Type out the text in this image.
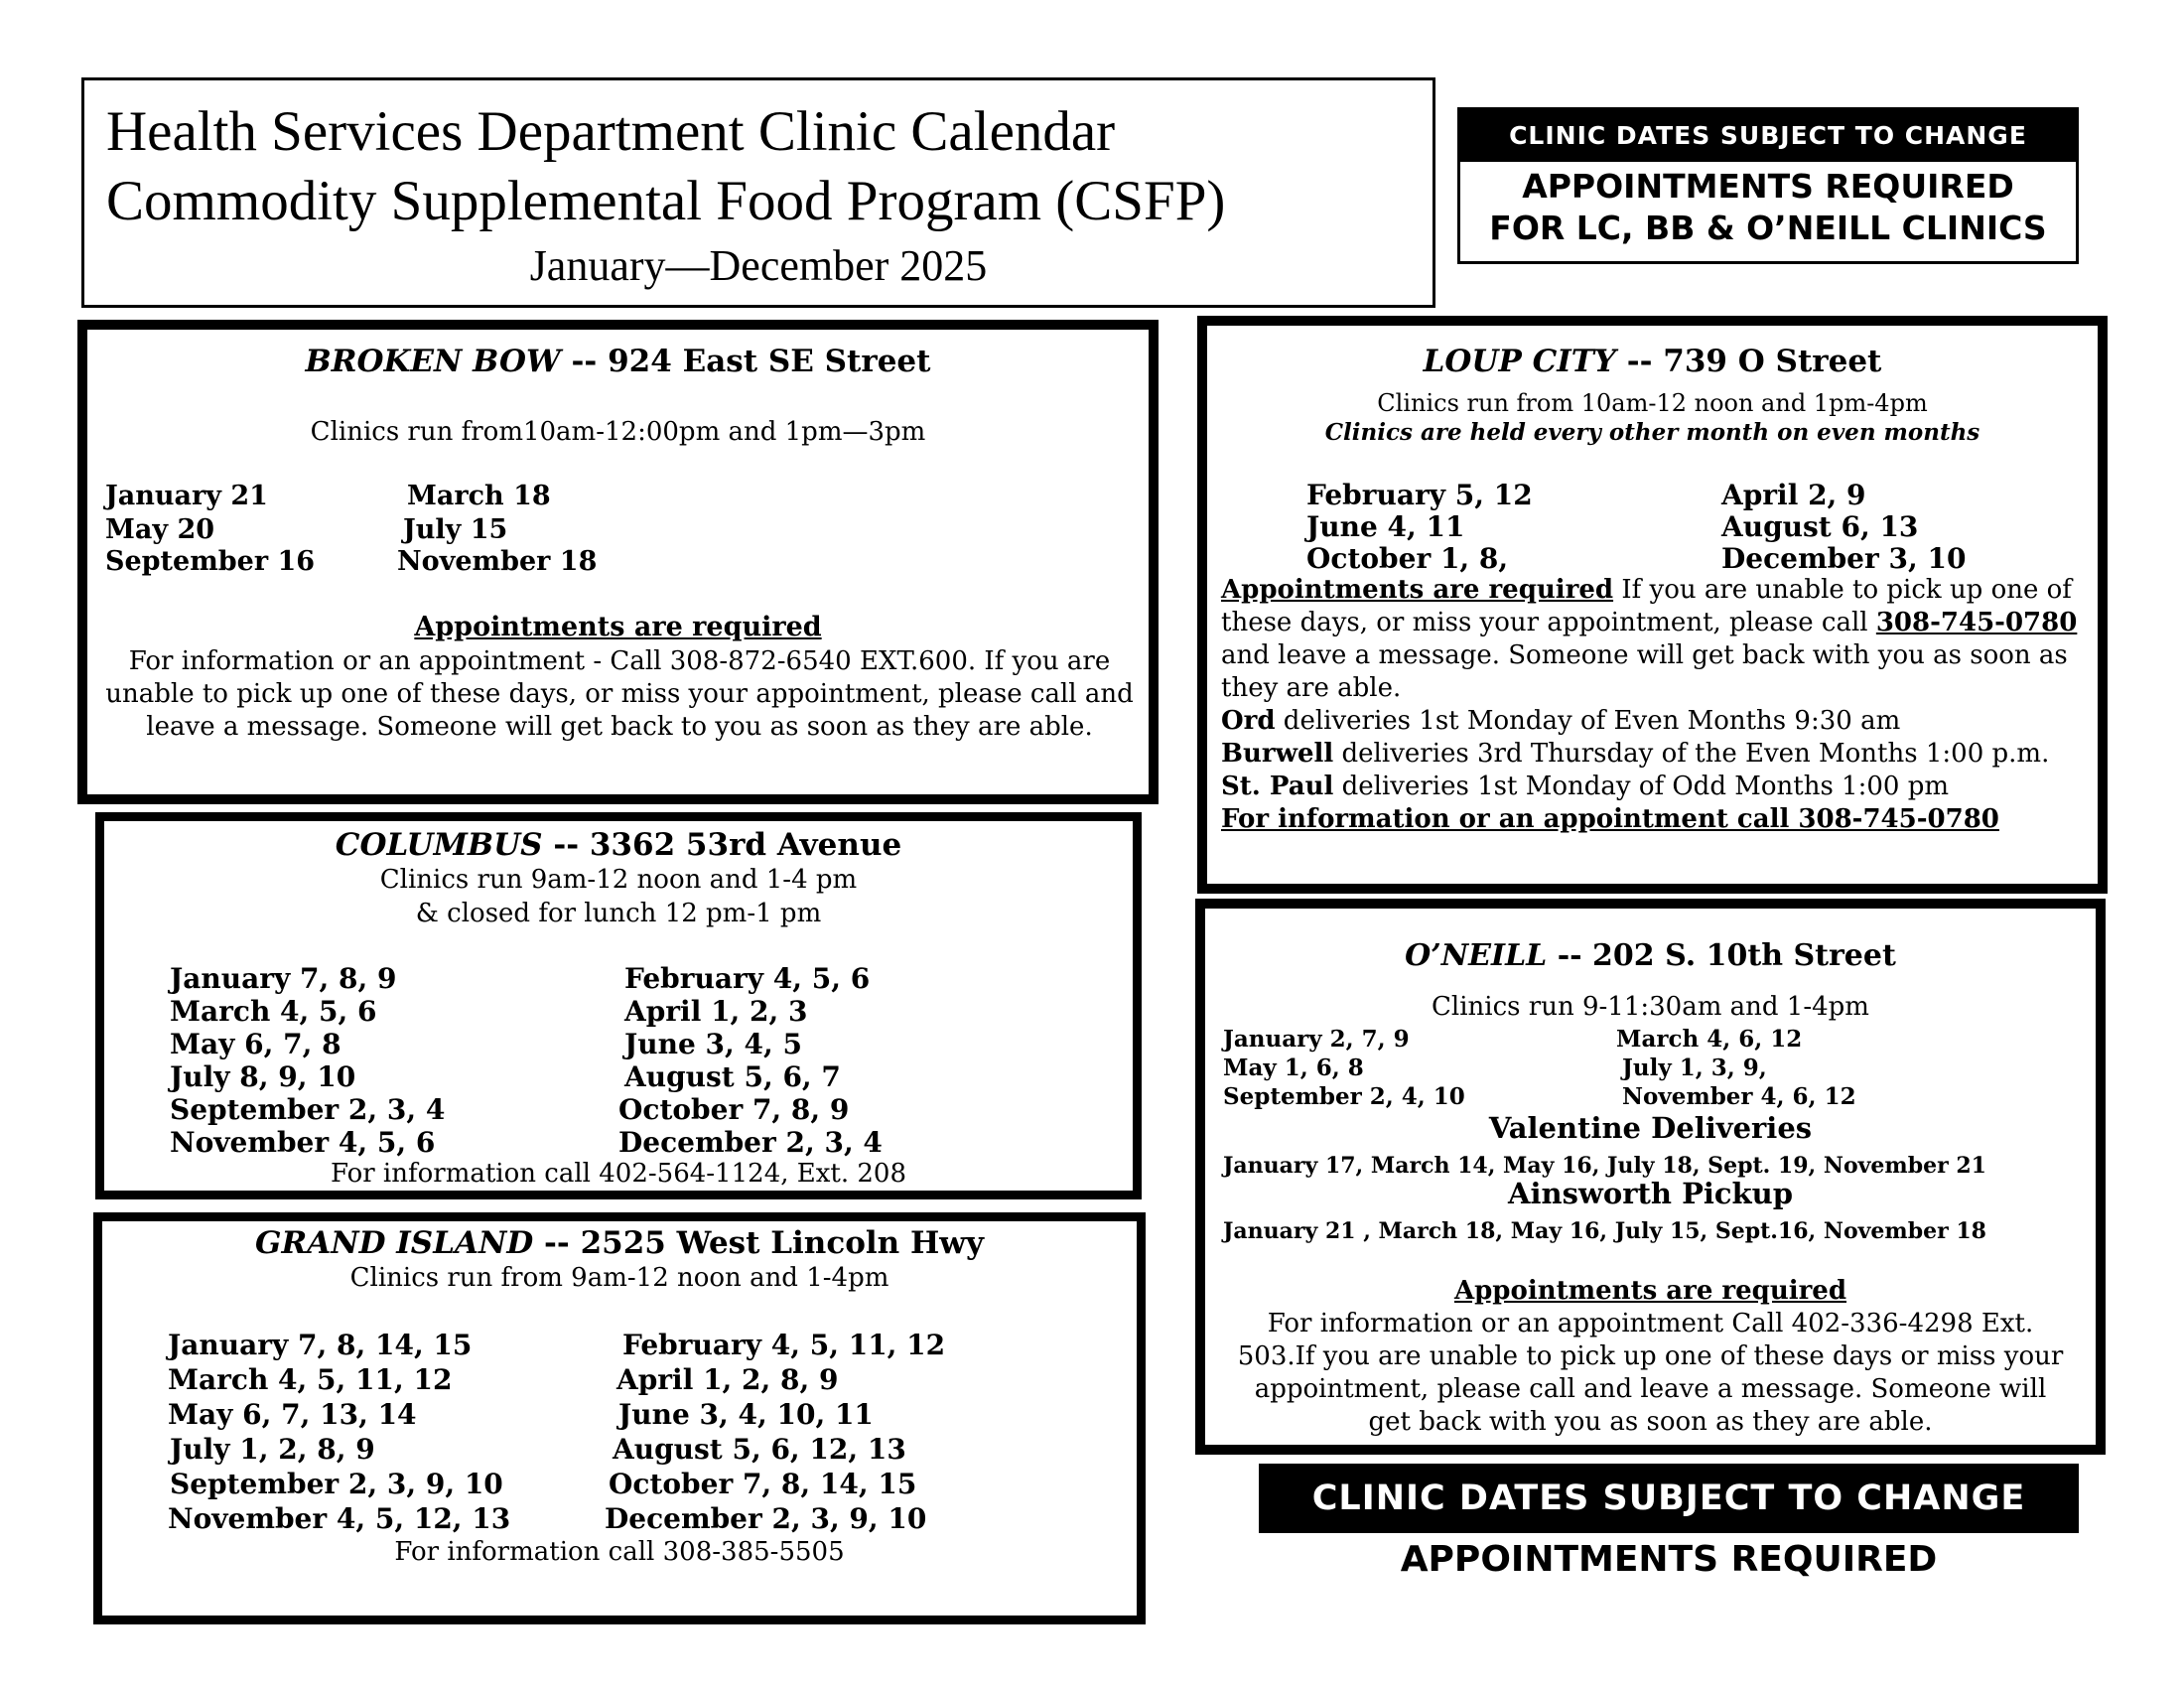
Health Services Department Clinic Calendar
Commodity Supplemental Food Program (CSFP)
January—December 2025
CLINIC DATES SUBJECT TO CHANGE
APPOINTMENTS REQUIRED
FOR LC, BB & O’NEILL CLINICS
BROKEN BOW -- 924 East SE Street
Clinics run from10am-12:00pm and 1pm—3pm
January 21	March 18
May 20	July 15
September 16	November 18
Appointments are required
For information or an appointment - Call 308-872-6540 EXT.600. If you are unable to pick up one of these days, or miss your appointment, please call and leave a message. Someone will get back to you as soon as they are able.
COLUMBUS -- 3362 53rd Avenue
Clinics run 9am-12 noon and 1-4 pm
& closed for lunch 12 pm-1 pm
January 7, 8, 9	February 4, 5, 6
March 4, 5, 6	April 1, 2, 3
May 6, 7, 8	June 3, 4, 5
July 8, 9, 10	August 5, 6, 7
September 2, 3, 4	October 7, 8, 9
November 4, 5, 6	December 2, 3, 4
For information call 402-564-1124, Ext. 208
GRAND ISLAND -- 2525 West Lincoln Hwy
Clinics run from 9am-12 noon and 1-4pm
January 7, 8, 14, 15	February 4, 5, 11, 12
March 4, 5, 11, 12	April 1, 2, 8, 9
May 6, 7, 13, 14	June 3, 4, 10, 11
July 1, 2, 8, 9	August 5, 6, 12, 13
September 2, 3, 9, 10	October 7, 8, 14, 15
November 4, 5, 12, 13	December 2, 3, 9, 10
For information call 308-385-5505
LOUP CITY -- 739 O Street
Clinics run from 10am-12 noon and 1pm-4pm
Clinics are held every other month on even months
February 5, 12	April 2, 9
June 4, 11	August 6, 13
October 1, 8,	December 3, 10
Appointments are required If you are unable to pick up one of these days, or miss your appointment, please call 308-745-0780 and leave a message. Someone will get back with you as soon as they are able.
Ord deliveries 1st Monday of Even Months 9:30 am
Burwell deliveries 3rd Thursday of the Even Months 1:00 p.m.
St. Paul deliveries 1st Monday of Odd Months 1:00 pm
For information or an appointment call 308-745-0780
O’NEILL -- 202 S. 10th Street
Clinics run 9-11:30am and 1-4pm
January 2, 7, 9	March 4, 6, 12
May 1, 6, 8	July 1, 3, 9,
September 2, 4, 10	November 4, 6, 12
Valentine Deliveries
January 17, March 14, May 16, July 18, Sept. 19, November 21
Ainsworth Pickup
January 21 , March 18, May 16, July 15, Sept.16, November 18
Appointments are required
For information or an appointment Call 402-336-4298 Ext. 503.If you are unable to pick up one of these days or miss your appointment, please call and leave a message. Someone will get back with you as soon as they are able.
CLINIC DATES SUBJECT TO CHANGE
APPOINTMENTS REQUIRED
